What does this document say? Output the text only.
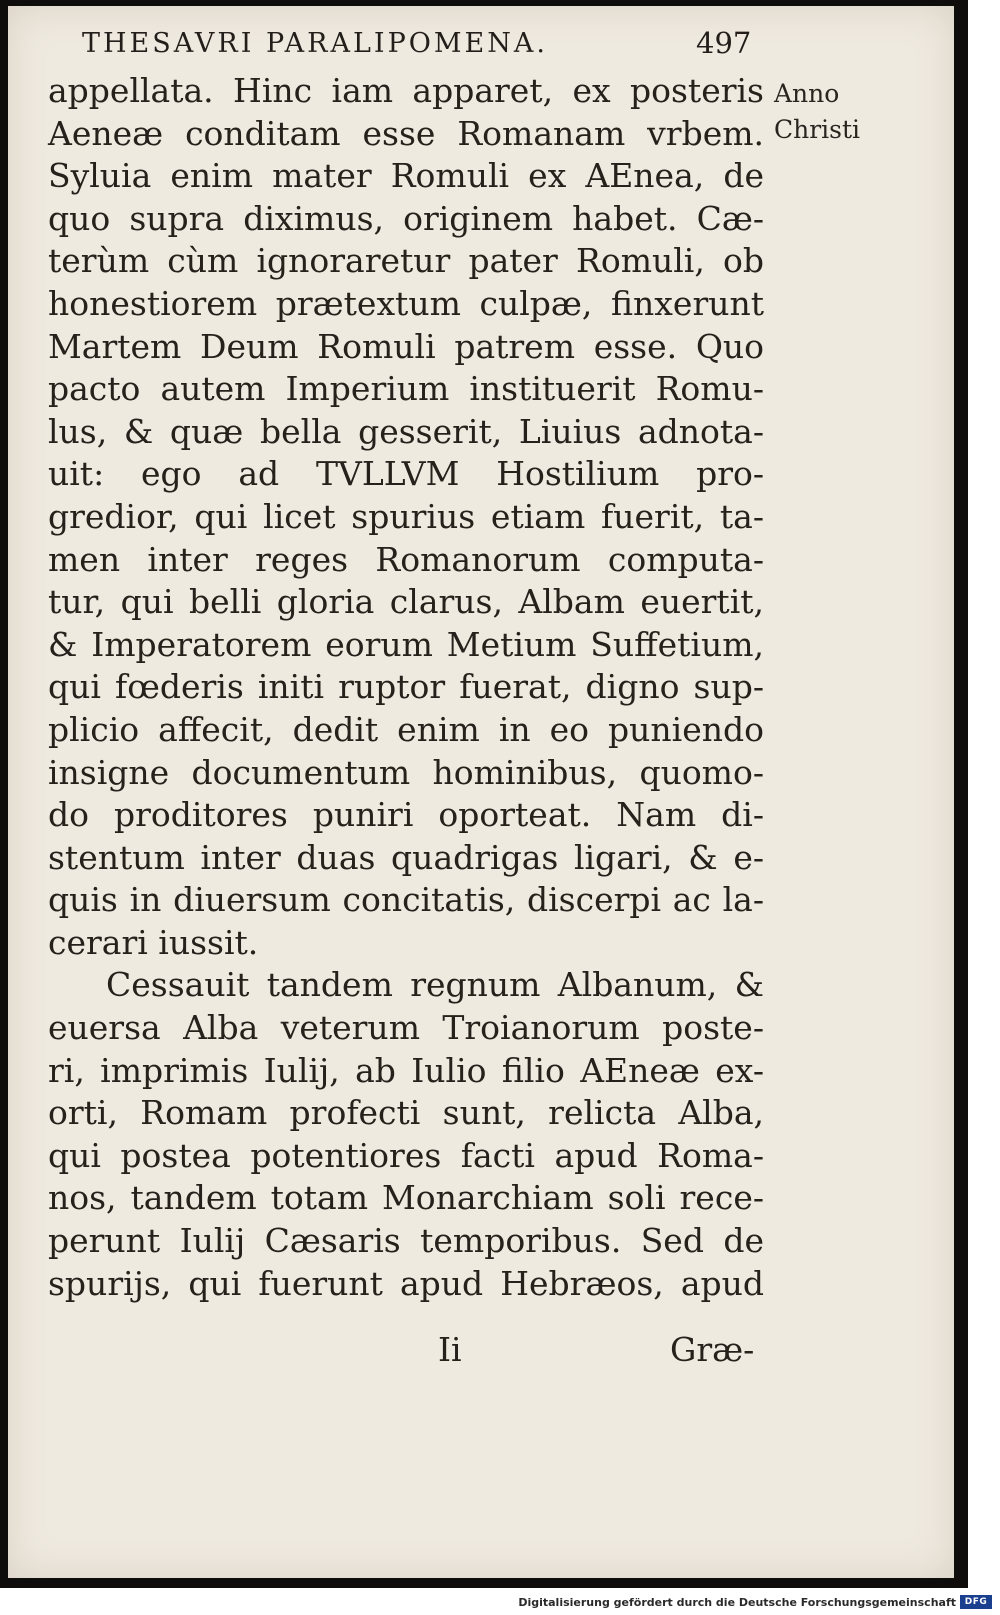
THESAVRI PARALIPOMENA.	497
Anno
Christi
appellata. Hinc iam apparet, ex posteris
Aeneæ conditam esse Romanam vrbem.
Syluia enim mater Romuli ex AEnea, de
quo supra diximus, originem habet. Cæ-
terùm cùm ignoraretur pater Romuli, ob
honestiorem prætextum culpæ, finxerunt
Martem Deum Romuli patrem esse. Quo
pacto autem Imperium instituerit Romu-
lus, & quæ bella gesserit, Liuius adnota-
uit: ego ad TVLLVM Hostilium pro-
gredior, qui licet spurius etiam fuerit, ta-
men inter reges Romanorum computa-
tur, qui belli gloria clarus, Albam euertit,
& Imperatorem eorum Metium Suffetium,
qui fœderis initi ruptor fuerat, digno sup-
plicio affecit, dedit enim in eo puniendo
insigne documentum hominibus, quomo-
do proditores puniri oporteat. Nam di-
stentum inter duas quadrigas ligari, & e-
quis in diuersum concitatis, discerpi ac la-
cerari iussit.
Cessauit tandem regnum Albanum, &
euersa Alba veterum Troianorum poste-
ri, imprimis Iulij, ab Iulio filio AEneæ ex-
orti, Romam profecti sunt, relicta Alba,
qui postea potentiores facti apud Roma-
nos, tandem totam Monarchiam soli rece-
perunt Iulij Cæsaris temporibus. Sed de
spurijs, qui fuerunt apud Hebræos, apud
Ii	Græ-
Digitalisierung gefördert durch die Deutsche Forschungsgemeinschaft DFG
